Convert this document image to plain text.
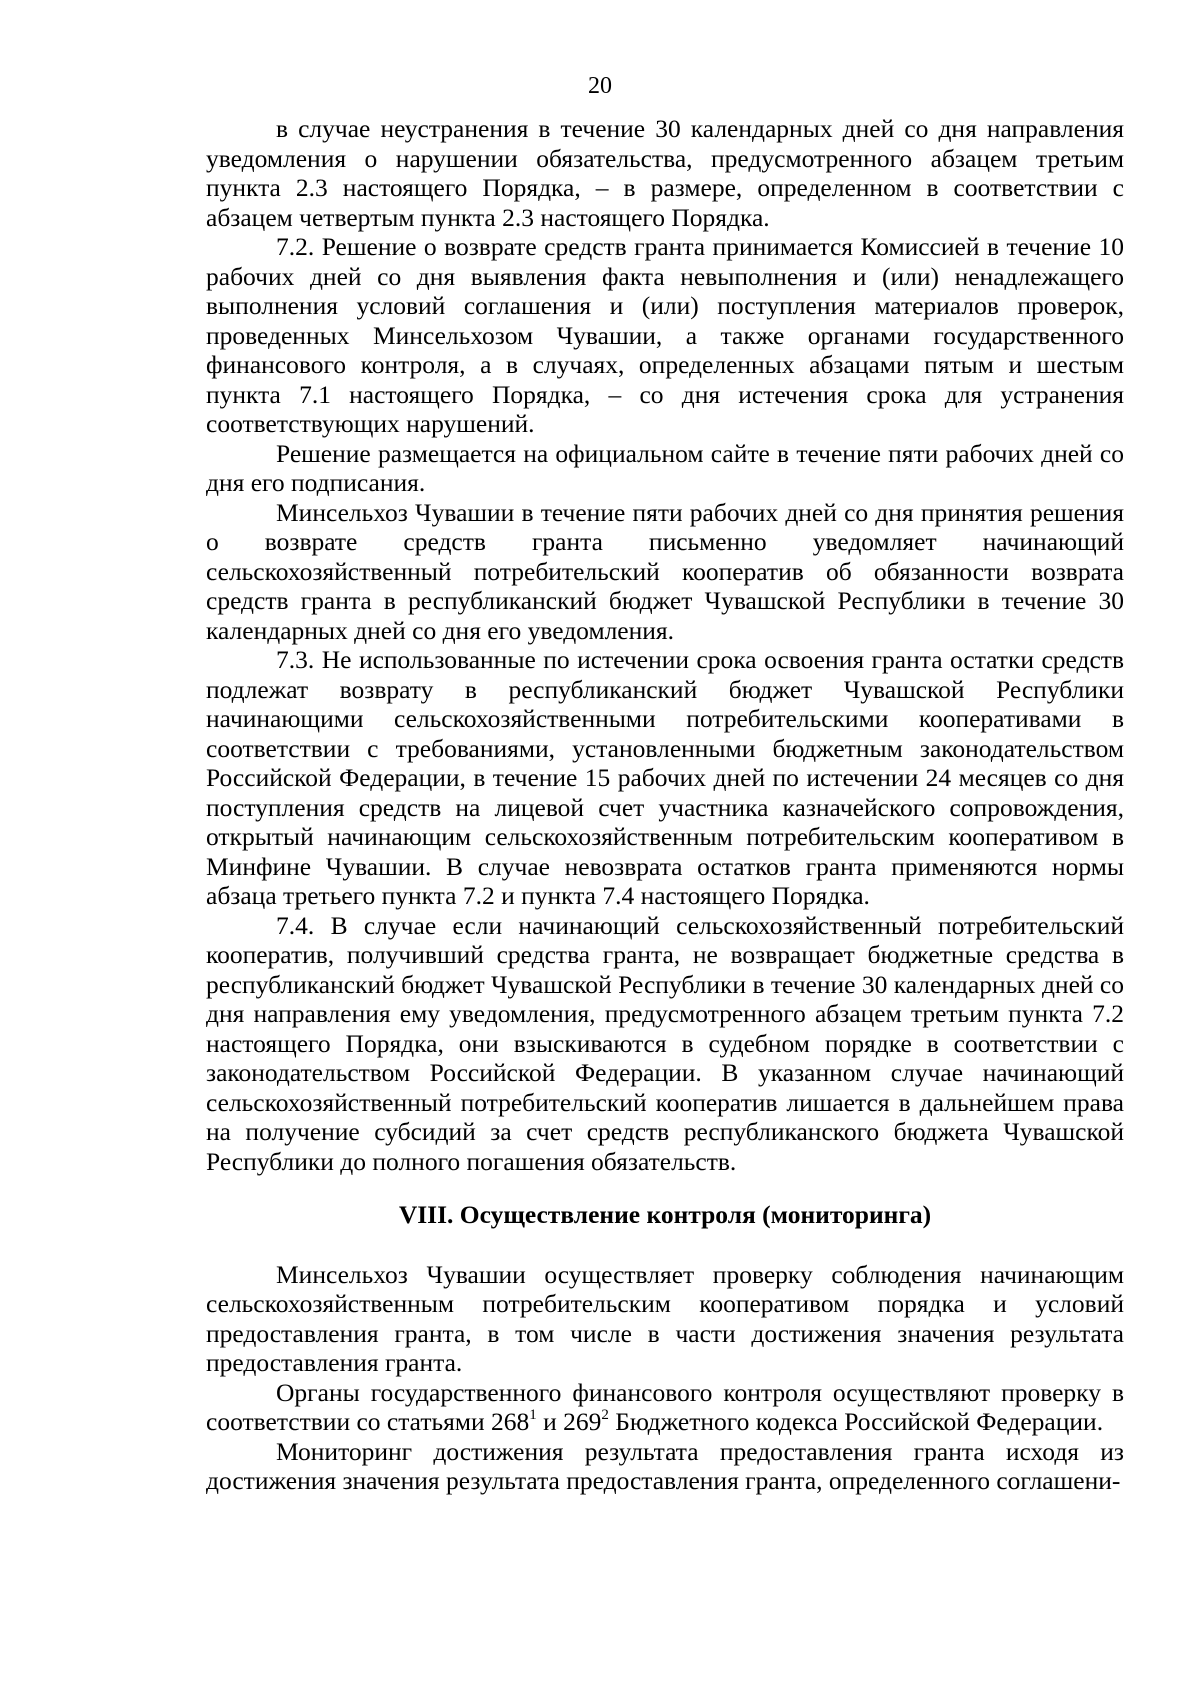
20

в случае неустранения в течение 30 календарных дней со дня направления уведомления о нарушении обязательства, предусмотренного абзацем третьим пункта 2.3 настоящего Порядка, – в размере, определенном в соответствии с абзацем четвертым пункта 2.3 настоящего Порядка.

7.2. Решение о возврате средств гранта принимается Комиссией в течение 10 рабочих дней со дня выявления факта невыполнения и (или) ненадлежащего выполнения условий соглашения и (или) поступления материалов проверок, проведенных Минсельхозом Чувашии, а также органами государственного финансового контроля, а в случаях, определенных абзацами пятым и шестым пункта 7.1 настоящего Порядка, – со дня истечения срока для устранения соответствующих нарушений.

Решение размещается на официальном сайте в течение пяти рабочих дней со дня его подписания.

Минсельхоз Чувашии в течение пяти рабочих дней со дня принятия решения о возврате средств гранта письменно уведомляет начинающий сельскохозяйственный потребительский кооператив об обязанности возврата средств гранта в республиканский бюджет Чувашской Республики в течение 30 календарных дней со дня его уведомления.

7.3. Не использованные по истечении срока освоения гранта остатки средств подлежат возврату в республиканский бюджет Чувашской Республики начинающими сельскохозяйственными потребительскими кооперативами в соответствии с требованиями, установленными бюджетным законодательством Российской Федерации, в течение 15 рабочих дней по истечении 24 месяцев со дня поступления средств на лицевой счет участника казначейского сопровождения, открытый начинающим сельскохозяйственным потребительским кооперативом в Минфине Чувашии. В случае невозврата остатков гранта применяются нормы абзаца третьего пункта 7.2 и пункта 7.4 настоящего Порядка.

7.4. В случае если начинающий сельскохозяйственный потребительский кооператив, получивший средства гранта, не возвращает бюджетные средства в республиканский бюджет Чувашской Республики в течение 30 календарных дней со дня направления ему уведомления, предусмотренного абзацем третьим пункта 7.2 настоящего Порядка, они взыскиваются в судебном порядке в соответствии с законодательством Российской Федерации. В указанном случае начинающий сельскохозяйственный потребительский кооператив лишается в дальнейшем права на получение субсидий за счет средств республиканского бюджета Чувашской Республики до полного погашения обязательств.

VIII. Осуществление контроля (мониторинга)

Минсельхоз Чувашии осуществляет проверку соблюдения начинающим сельскохозяйственным потребительским кооперативом порядка и условий предоставления гранта, в том числе в части достижения значения результата предоставления гранта.

Органы государственного финансового контроля осуществляют проверку в соответствии со статьями $268^1$ и $269^2$ Бюджетного кодекса Российской Федерации.

Мониторинг достижения результата предоставления гранта исходя из достижения значения результата предоставления гранта, определенного соглашени-
